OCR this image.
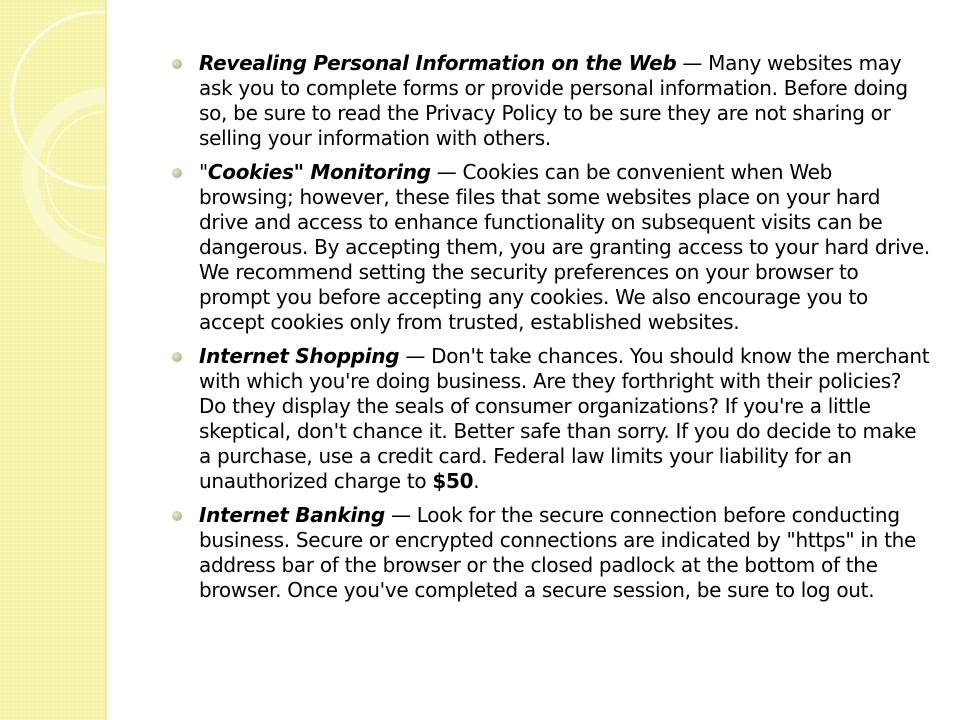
Revealing Personal Information on the Web — Many websites may ask you to complete forms or provide personal information. Before doing so, be sure to read the Privacy Policy to be sure they are not sharing or selling your information with others.
"Cookies" Monitoring — Cookies can be convenient when Web browsing; however, these files that some websites place on your hard drive and access to enhance functionality on subsequent visits can be dangerous. By accepting them, you are granting access to your hard drive. We recommend setting the security preferences on your browser to prompt you before accepting any cookies. We also encourage you to accept cookies only from trusted, established websites.
Internet Shopping — Don't take chances. You should know the merchant with which you're doing business. Are they forthright with their policies? Do they display the seals of consumer organizations? If you're a little skeptical, don't chance it. Better safe than sorry. If you do decide to make a purchase, use a credit card. Federal law limits your liability for an unauthorized charge to $50.
Internet Banking — Look for the secure connection before conducting business. Secure or encrypted connections are indicated by "https" in the address bar of the browser or the closed padlock at the bottom of the browser. Once you've completed a secure session, be sure to log out.
